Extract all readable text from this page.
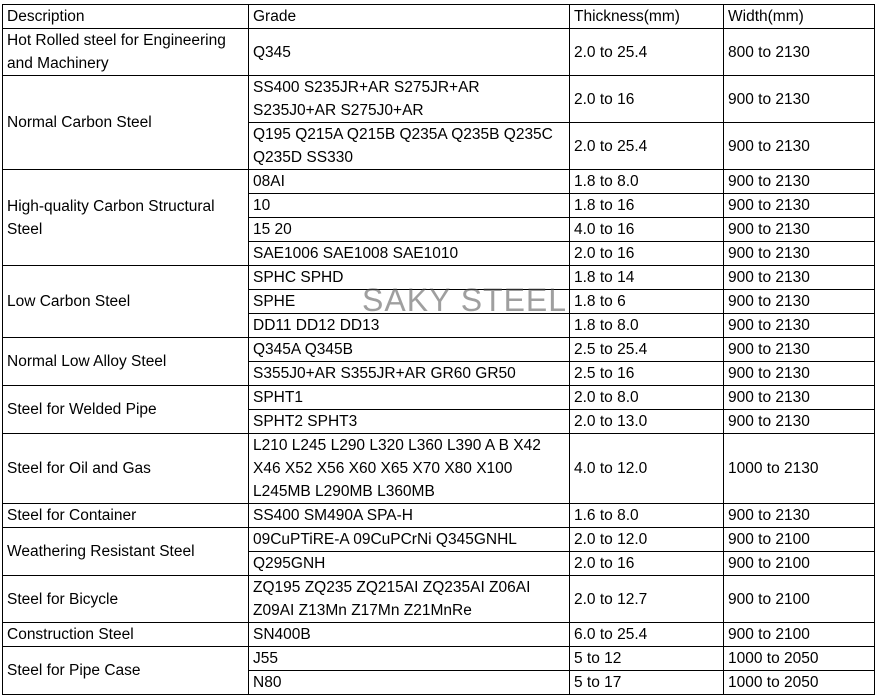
Description	Grade	Thickness(mm)	Width(mm)
Hot Rolled steel for Engineering and Machinery	Q345	2.0 to 25.4	800 to 2130
Normal Carbon Steel	SS400 S235JR+AR S275JR+AR S235J0+AR S275J0+AR	2.0 to 16	900 to 2130
	Q195 Q215A Q215B Q235A Q235B Q235C Q235D SS330	2.0 to 25.4	900 to 2130
High-quality Carbon Structural Steel	08AI	1.8 to 8.0	900 to 2130
	10	1.8 to 16	900 to 2130
	15 20	4.0 to 16	900 to 2130
	SAE1006 SAE1008 SAE1010	2.0 to 16	900 to 2130
Low Carbon Steel	SPHC SPHD	1.8 to 14	900 to 2130
	SPHE	1.8 to 6	900 to 2130
	DD11 DD12 DD13	1.8 to 8.0	900 to 2130
Normal Low Alloy Steel	Q345A Q345B	2.5 to 25.4	900 to 2130
	S355J0+AR S355JR+AR GR60 GR50	2.5 to 16	900 to 2130
Steel for Welded Pipe	SPHT1	2.0 to 8.0	900 to 2130
	SPHT2 SPHT3	2.0 to 13.0	900 to 2130
Steel for Oil and Gas	L210 L245 L290 L320 L360 L390 A B X42 X46 X52 X56 X60 X65 X70 X80 X100 L245MB L290MB L360MB	4.0 to 12.0	1000 to 2130
Steel for Container	SS400 SM490A SPA-H	1.6 to 8.0	900 to 2130
Weathering Resistant Steel	09CuPTiRE-A 09CuPCrNi Q345GNHL	2.0 to 12.0	900 to 2100
	Q295GNH	2.0 to 16	900 to 2100
Steel for Bicycle	ZQ195 ZQ235 ZQ215AI ZQ235AI Z06AI Z09AI Z13Mn Z17Mn Z21MnRe	2.0 to 12.7	900 to 2100
Construction Steel	SN400B	6.0 to 25.4	900 to 2100
Steel for Pipe Case	J55	5 to 12	1000 to 2050
	N80	5 to 17	1000 to 2050
SAKY STEEL
